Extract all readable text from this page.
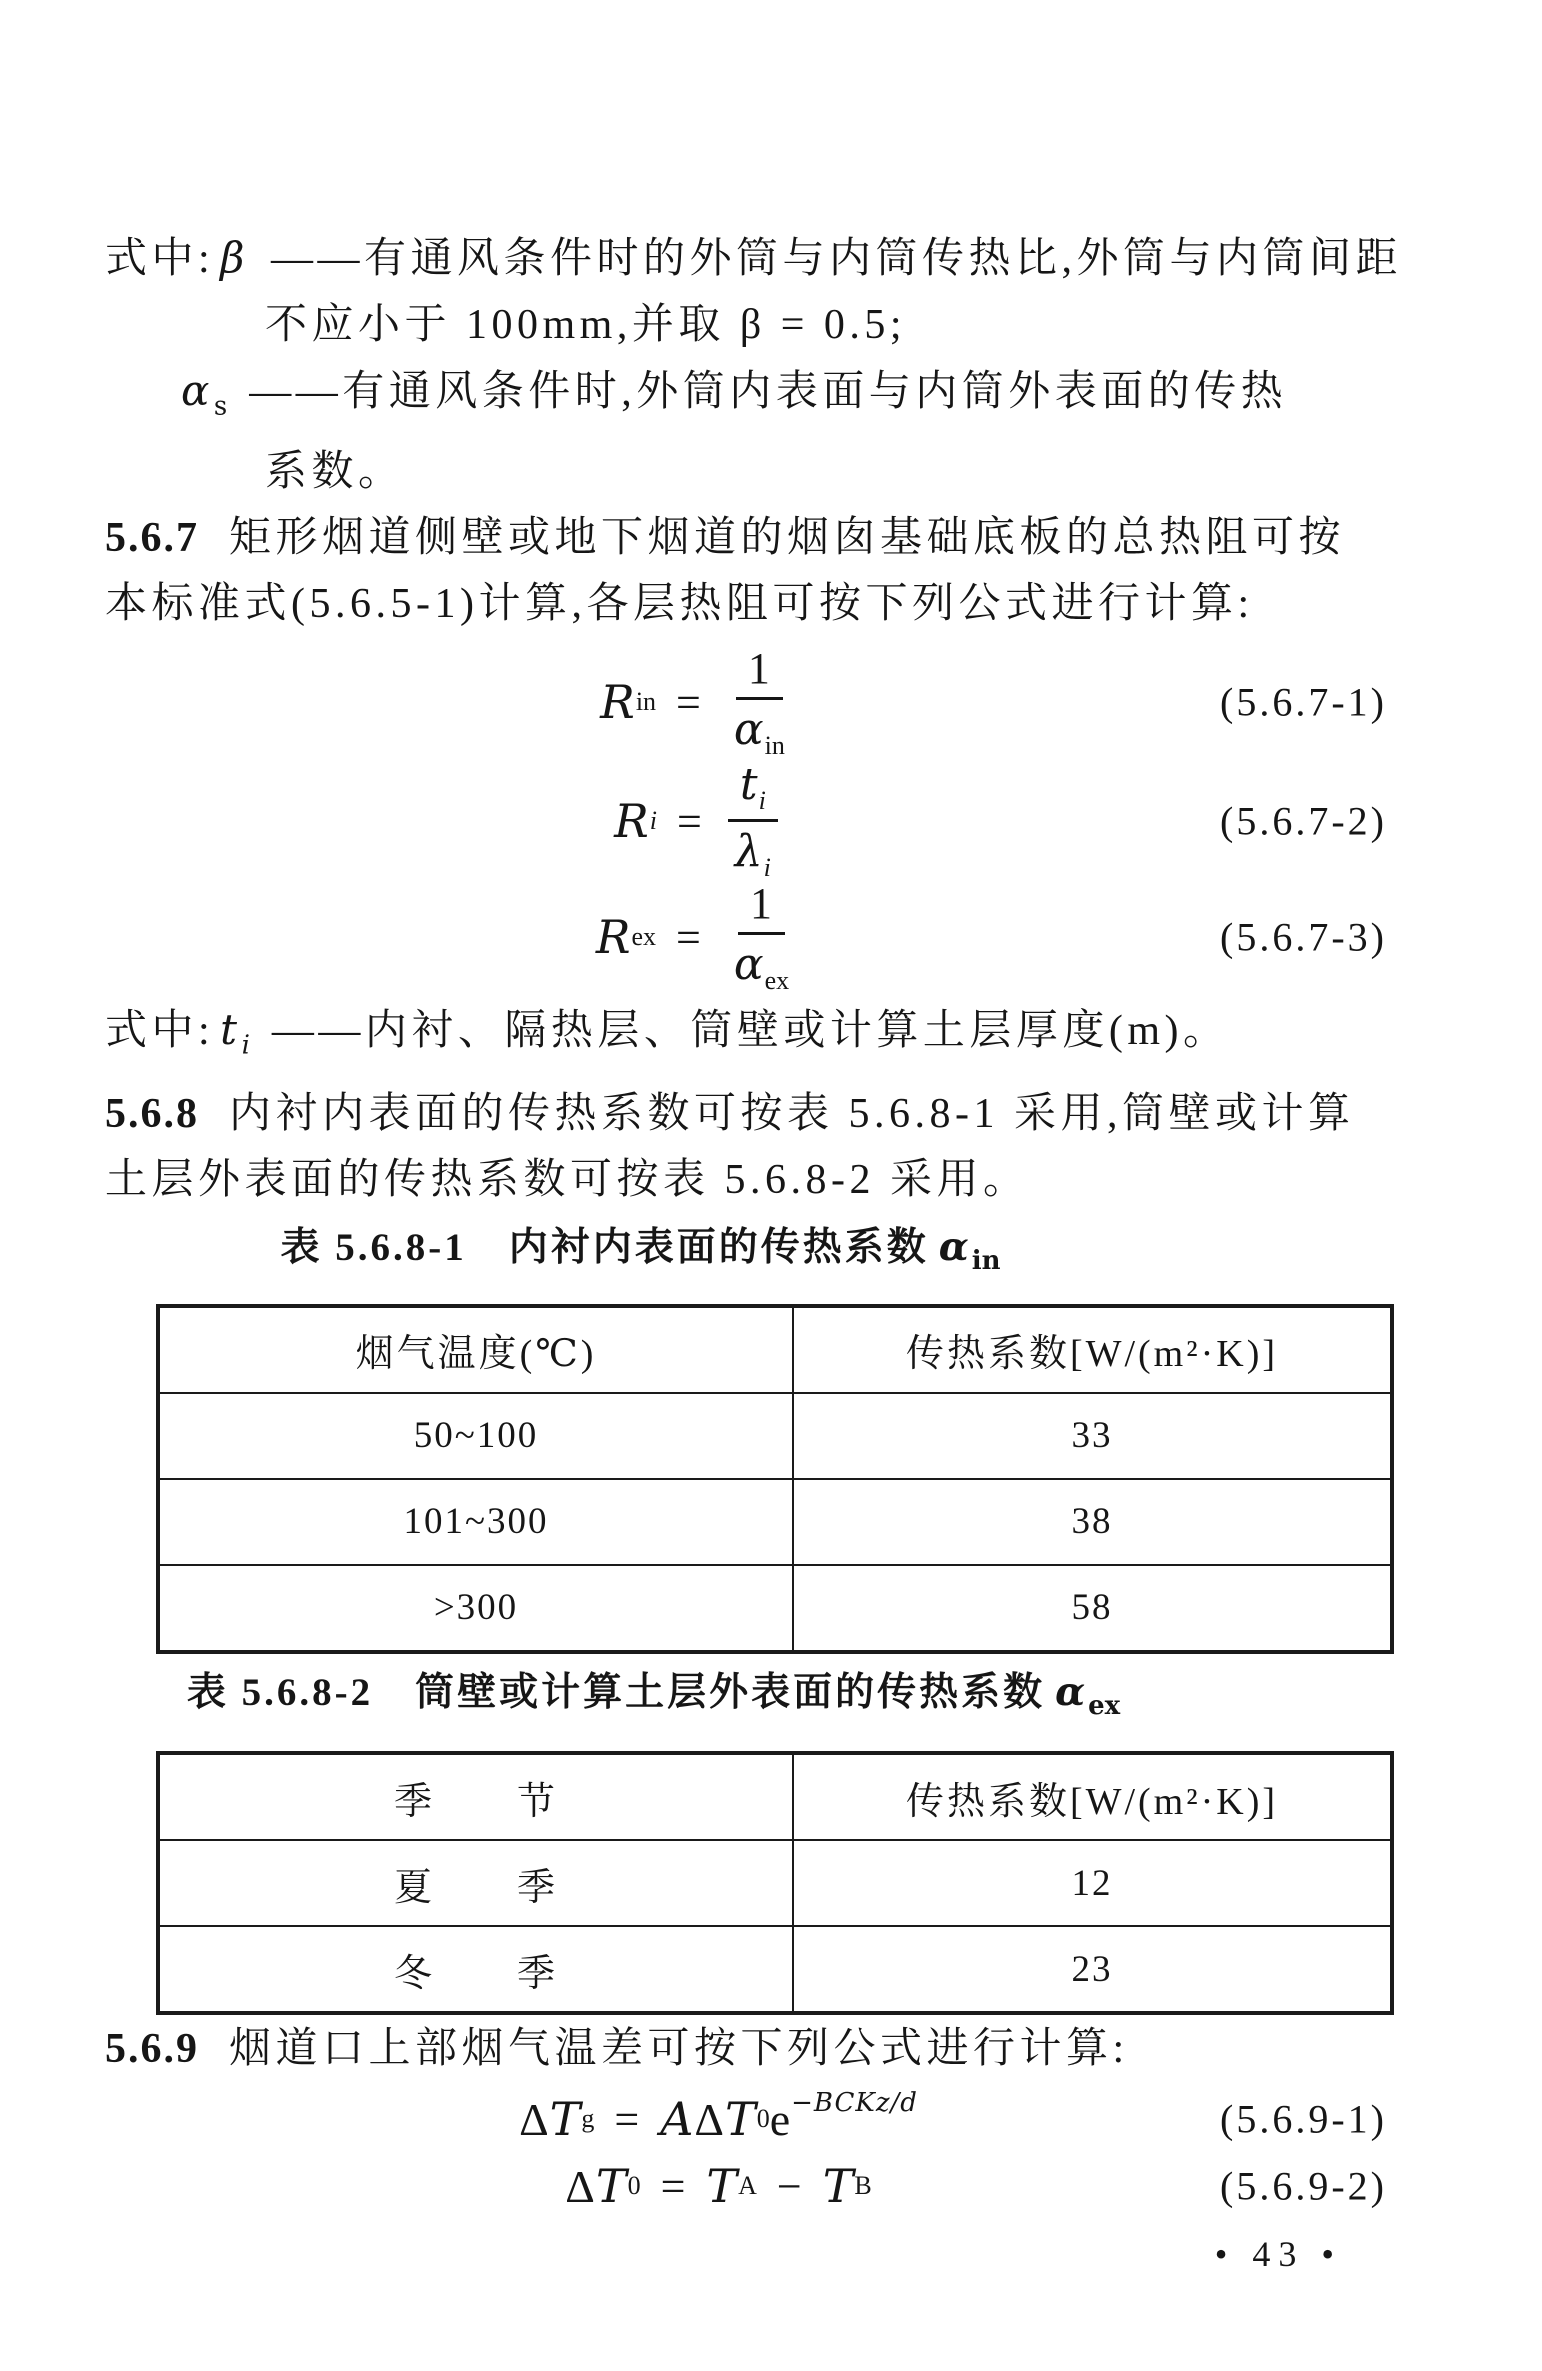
式中: β ——有通风条件时的外筒与内筒传热比,外筒与内筒间距
不应小于 100mm,并取 β = 0.5;
$\alpha_s$ ——有通风条件时,外筒内表面与内筒外表面的传热
系数。
5.6.7 矩形烟道侧壁或地下烟道的烟囱基础底板的总热阻可按
本标准式(5.6.5-1)计算,各层热阻可按下列公式进行计算:
R in = $\frac{1}{\alpha_{in}}$	(5.6.7-1)
R $i = \frac{t_i}{\lambda_i}$	(5.6.7-2)
R ex = $\frac{1}{\alpha_{ex}}$	(5.6.7-3)
式中: $t_i$ ——内衬、隔热层、筒壁或计算土层厚度(m)。
5.6.8 内衬内表面的传热系数可按表 5.6.8-1 采用,筒壁或计算
土层外表面的传热系数可按表 5.6.8-2 采用。
表 5.6.8-1　内衬内表面的传热系数 $\alpha_{in}$
烟气温度(℃)	传热系数[W/(m²·K)]
50~100	33
101~300	38
>300	58
表 5.6.8-2　筒壁或计算土层外表面的传热系数 $\alpha_{ex}$
季　　节	传热系数[W/(m²·K)]
夏　　季	12
冬　　季	23
5.6.9 烟道口上部烟气温差可按下列公式进行计算:
Δ T g = A Δ T 0 e −BCKz/d	(5.6.9-1)
Δ T 0 = T A − T B	(5.6.9-2)
• 43 •
